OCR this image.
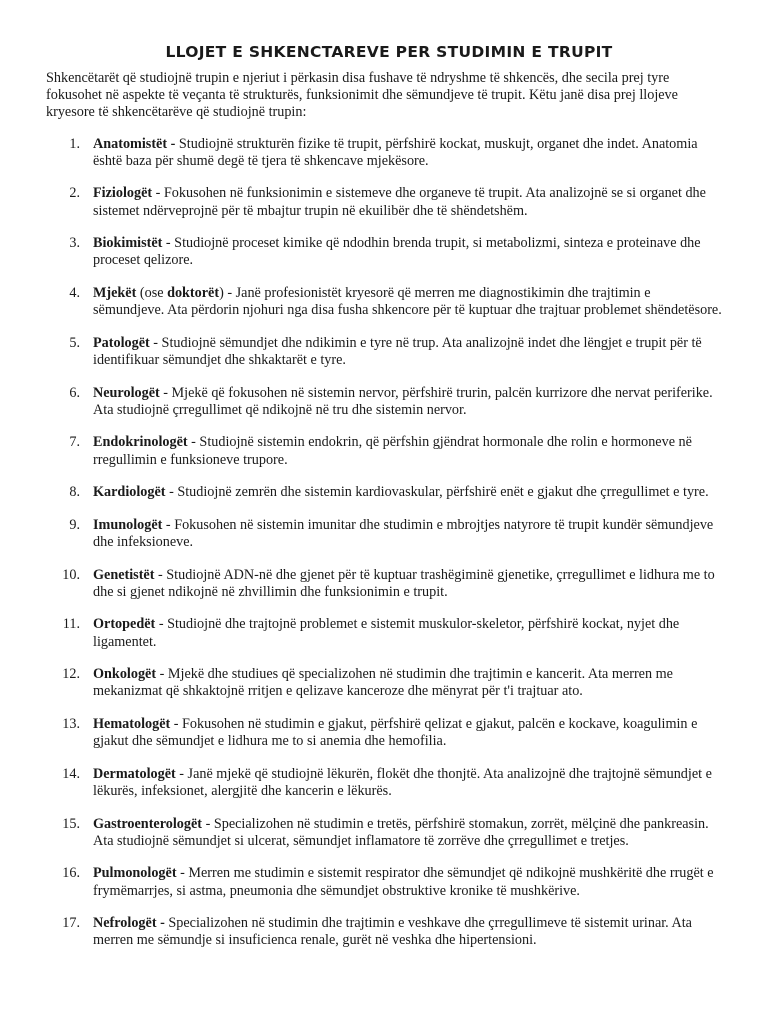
LLOJET E SHKENCTAREVE PER STUDIMIN E TRUPIT

Shkencëtarët që studiojnë trupin e njeriut i përkasin disa fushave të ndryshme të shkencës, dhe secila prej tyre fokusohet në aspekte të veçanta të strukturës, funksionimit dhe sëmundjeve të trupit. Këtu janë disa prej llojeve kryesore të shkencëtarëve që studiojnë trupin:

1. Anatomistët - Studiojnë strukturën fizike të trupit, përfshirë kockat, muskujt, organet dhe indet. Anatomia është baza për shumë degë të tjera të shkencave mjekësore.
2. Fiziologët - Fokusohen në funksionimin e sistemeve dhe organeve të trupit. Ata analizojnë se si organet dhe sistemet ndërveprojnë për të mbajtur trupin në ekuilibër dhe të shëndetshëm.
3. Biokimistët - Studiojnë proceset kimike që ndodhin brenda trupit, si metabolizmi, sinteza e proteinave dhe proceset qelizore.
4. Mjekët (ose doktorët) - Janë profesionistët kryesorë që merren me diagnostikimin dhe trajtimin e sëmundjeve. Ata përdorin njohuri nga disa fusha shkencore për të kuptuar dhe trajtuar problemet shëndetësore.
5. Patologët - Studiojnë sëmundjet dhe ndikimin e tyre në trup. Ata analizojnë indet dhe lëngjet e trupit për të identifikuar sëmundjet dhe shkaktarët e tyre.
6. Neurologët - Mjekë që fokusohen në sistemin nervor, përfshirë trurin, palcën kurrizore dhe nervat periferike. Ata studiojnë çrregullimet që ndikojnë në tru dhe sistemin nervor.
7. Endokrinologët - Studiojnë sistemin endokrin, që përfshin gjëndrat hormonale dhe rolin e hormoneve në rregullimin e funksioneve trupore.
8. Kardiologët - Studiojnë zemrën dhe sistemin kardiovaskular, përfshirë enët e gjakut dhe çrregullimet e tyre.
9. Imunologët - Fokusohen në sistemin imunitar dhe studimin e mbrojtjes natyrore të trupit kundër sëmundjeve dhe infeksioneve.
10. Genetistët - Studiojnë ADN-në dhe gjenet për të kuptuar trashëgiminë gjenetike, çrregullimet e lidhura me to dhe si gjenet ndikojnë në zhvillimin dhe funksionimin e trupit.
11. Ortopedët - Studiojnë dhe trajtojnë problemet e sistemit muskulor-skeletor, përfshirë kockat, nyjet dhe ligamentet.
12. Onkologët - Mjekë dhe studiues që specializohen në studimin dhe trajtimin e kancerit. Ata merren me mekanizmat që shkaktojnë rritjen e qelizave kanceroze dhe mënyrat për t'i trajtuar ato.
13. Hematologët - Fokusohen në studimin e gjakut, përfshirë qelizat e gjakut, palcën e kockave, koagulimin e gjakut dhe sëmundjet e lidhura me to si anemia dhe hemofilia.
14. Dermatologët - Janë mjekë që studiojnë lëkurën, flokët dhe thonjtë. Ata analizojnë dhe trajtojnë sëmundjet e lëkurës, infeksionet, alergjitë dhe kancerin e lëkurës.
15. Gastroenterologët - Specializohen në studimin e tretës, përfshirë stomakun, zorrët, mëlçinë dhe pankreasin. Ata studiojnë sëmundjet si ulcerat, sëmundjet inflamatore të zorrëve dhe çrregullimet e tretjes.
16. Pulmonologët - Merren me studimin e sistemit respirator dhe sëmundjet që ndikojnë mushkëritë dhe rrugët e frymëmarrjes, si astma, pneumonia dhe sëmundjet obstruktive kronike të mushkërive.
17. Nefrologët - Specializohen në studimin dhe trajtimin e veshkave dhe çrregullimeve të sistemit urinar. Ata merren me sëmundje si insuficienca renale, gurët në veshka dhe hipertensioni.
